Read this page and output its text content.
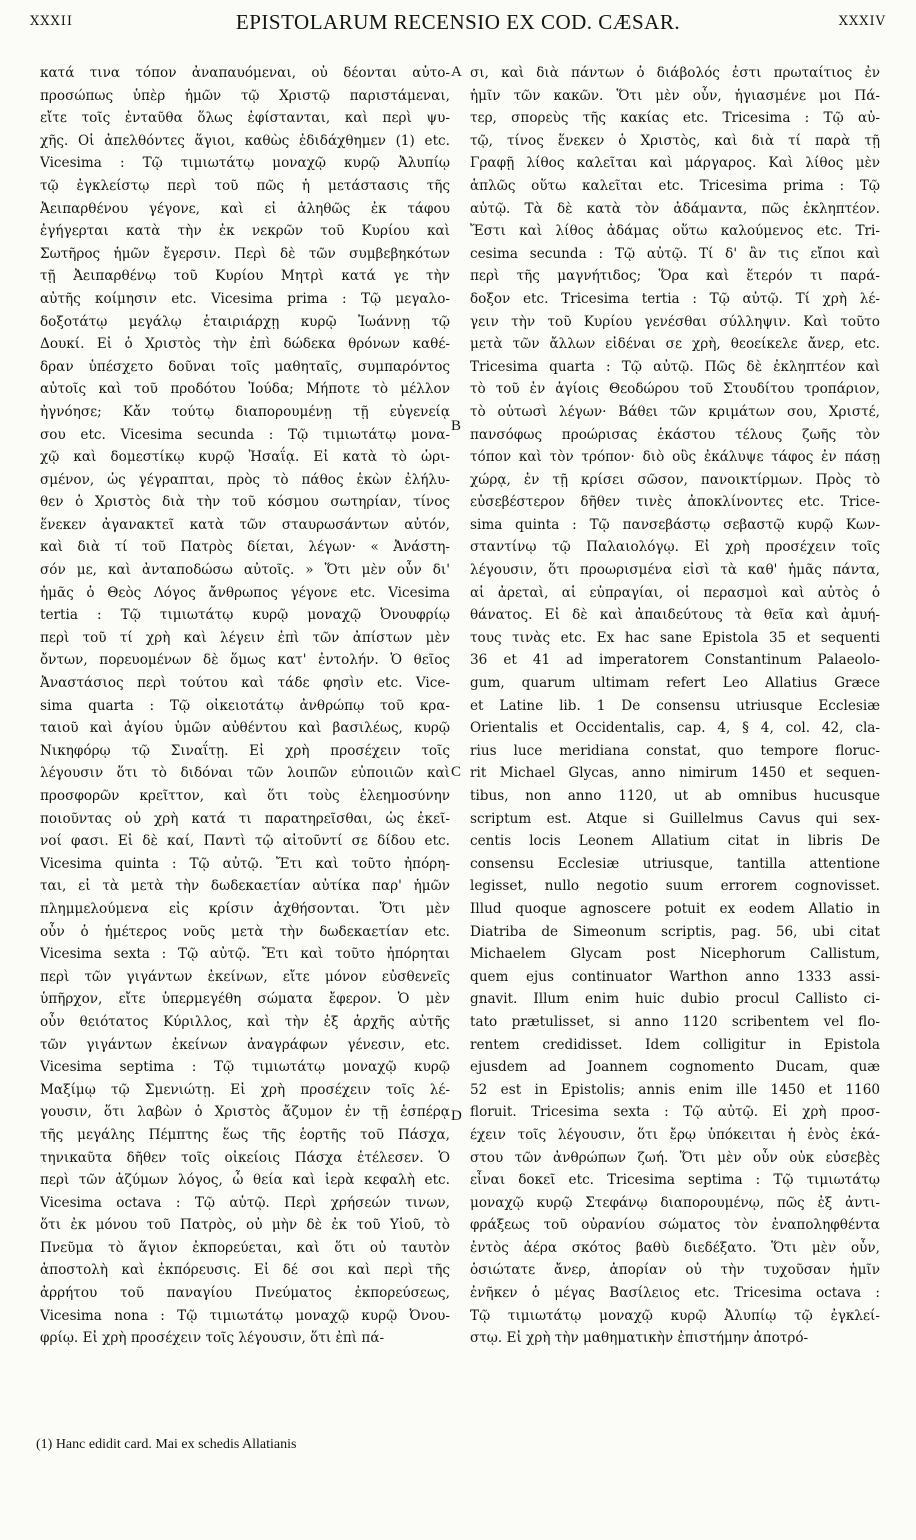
XXXII	EPISTOLARUM RECENSIO EX COD. CÆSAR.	XXXIV
κατά τινα τόπον ἀναπαυόμεναι, οὐ δέονται αὐτο-
προσώπως ὑπὲρ ἡμῶν τῷ Χριστῷ παριστάμεναι,
εἴτε τοῖς ἐνταῦθα ὅλως ἐφίστανται, καὶ περὶ ψυ-
χῆς. Οἱ ἀπελθόντες ἅγιοι, καθὼς ἐδιδάχθημεν (1) etc.
Vicesima : Τῷ τιμιωτάτῳ μοναχῷ κυρῷ Ἀλυπίῳ
τῷ ἐγκλείστῳ περὶ τοῦ πῶς ἡ μετάστασις τῆς
Ἀειπαρθένου γέγονε, καὶ εἰ ἀληθῶς ἐκ τάφου
ἐγήγερται κατὰ τὴν ἐκ νεκρῶν τοῦ Κυρίου καὶ
Σωτῆρος ἡμῶν ἔγερσιν. Περὶ δὲ τῶν συμβεβηκότων
τῇ Ἀειπαρθένῳ τοῦ Κυρίου Μητρὶ κατά γε τὴν
αὐτῆς κοίμησιν etc. Vicesima prima : Τῷ μεγαλο-
δοξοτάτῳ μεγάλῳ ἑταιριάρχῃ κυρῷ Ἰωάννῃ τῷ
Δουκί. Εἰ ὁ Χριστὸς τὴν ἐπὶ δώδεκα θρόνων καθέ-
δραν ὑπέσχετο δοῦναι τοῖς μαθηταῖς, συμπαρόντος
αὐτοῖς καὶ τοῦ προδότου Ἰούδα; Μήποτε τὸ μέλλον
ἠγνόησε; Κἄν τούτῳ διαπορουμένῃ τῇ εὐγενείᾳ
σου etc. Vicesima secunda : Τῷ τιμιωτάτῳ μονα-
χῷ καὶ δομεστίκῳ κυρῷ Ἠσαΐᾳ. Εἰ κατὰ τὸ ὡρι-
σμένον, ὡς γέγραπται, πρὸς τὸ πάθος ἑκὼν ἐλήλυ-
θεν ὁ Χριστὸς διὰ τὴν τοῦ κόσμου σωτηρίαν, τίνος
ἕνεκεν ἀγανακτεῖ κατὰ τῶν σταυρωσάντων αὐτόν,
καὶ διὰ τί τοῦ Πατρὸς δίεται, λέγων· « Ἀνάστη-
σόν με, καὶ ἀνταποδώσω αὐτοῖς. » Ὅτι μὲν οὖν δι'
ἡμᾶς ὁ Θεὸς Λόγος ἄνθρωπος γέγονε etc. Vicesima
tertia : Τῷ τιμιωτάτῳ κυρῷ μοναχῷ Ὀνουφρίῳ
περὶ τοῦ τί χρὴ καὶ λέγειν ἐπὶ τῶν ἀπίστων μὲν
ὄντων, πορευομένων δὲ ὅμως κατ' ἐντολήν. Ὁ θεῖος
Ἀναστάσιος περὶ τούτου καὶ τάδε φησὶν etc. Vice-
sima quarta : Τῷ οἰκειοτάτῳ ἀνθρώπῳ τοῦ κρα-
ταιοῦ καὶ ἁγίου ὑμῶν αὐθέντου καὶ βασιλέως, κυρῷ
Νικηφόρῳ τῷ Σιναΐτῃ. Εἰ χρὴ προσέχειν τοῖς
λέγουσιν ὅτι τὸ διδόναι τῶν λοιπῶν εὐποιιῶν καὶ
προσφορῶν κρεῖττον, καὶ ὅτι τοὺς ἐλεημοσύνην
ποιοῦντας οὐ χρὴ κατά τι παρατηρεῖσθαι, ὡς ἐκεῖ-
νοί φασι. Εἰ δὲ καί, Παντὶ τῷ αἰτοῦντί σε δίδου etc.
Vicesima quinta : Τῷ αὐτῷ. Ἔτι καὶ τοῦτο ἠπόρη-
ται, εἰ τὰ μετὰ τὴν δωδεκαετίαν αὐτίκα παρ' ἡμῶν
πλημμελούμενα εἰς κρίσιν ἀχθήσονται. Ὅτι μὲν
οὖν ὁ ἡμέτερος νοῦς μετὰ τὴν δωδεκαετίαν etc.
Vicesima sexta : Τῷ αὐτῷ. Ἔτι καὶ τοῦτο ἠπόρηται
περὶ τῶν γιγάντων ἐκείνων, εἴτε μόνον εὐσθενεῖς
ὑπῆρχον, εἴτε ὑπερμεγέθη σώματα ἔφερον. Ὁ μὲν
οὖν θειότατος Κύριλλος, καὶ τὴν ἐξ ἀρχῆς αὐτῆς
τῶν γιγάντων ἐκείνων ἀναγράφων γένεσιν, etc.
Vicesima septima : Τῷ τιμιωτάτῳ μοναχῷ κυρῷ
Μαξίμῳ τῷ Σμενιώτῃ. Εἰ χρὴ προσέχειν τοῖς λέ-
γουσιν, ὅτι λαβὼν ὁ Χριστὸς ἄζυμον ἐν τῇ ἑσπέρᾳ
τῆς μεγάλης Πέμπτης ἕως τῆς ἑορτῆς τοῦ Πάσχα,
τηνικαῦτα δῆθεν τοῖς οἰκείοις Πάσχα ἐτέλεσεν. Ὁ
περὶ τῶν ἀζύμων λόγος, ὦ θεία καὶ ἱερὰ κεφαλὴ etc.
Vicesima octava : Τῷ αὐτῷ. Περὶ χρήσεών τινων,
ὅτι ἐκ μόνου τοῦ Πατρὸς, οὐ μὴν δὲ ἐκ τοῦ Υἱοῦ, τὸ
Πνεῦμα τὸ ἅγιον ἐκπορεύεται, καὶ ὅτι οὐ ταυτὸν
ἀποστολὴ καὶ ἐκπόρευσις. Εἰ δέ σοι καὶ περὶ τῆς
ἀρρήτου τοῦ παναγίου Πνεύματος ἐκπορεύσεως,
Vicesima nona : Τῷ τιμιωτάτῳ μοναχῷ κυρῷ Ὀνου-
φρίῳ. Εἰ χρὴ προσέχειν τοῖς λέγουσιν, ὅτι ἐπὶ πά-
σι, καὶ διὰ πάντων ὁ διάβολός ἐστι πρωταίτιος ἐν
ἡμῖν τῶν κακῶν. Ὅτι μὲν οὖν, ἡγιασμένε μοι Πά-
τερ, σπορεὺς τῆς κακίας etc. Tricesima : Τῷ αὐ-
τῷ, τίνος ἕνεκεν ὁ Χριστὸς, καὶ διὰ τί παρὰ τῇ
Γραφῇ λίθος καλεῖται καὶ μάργαρος. Καὶ λίθος μὲν
ἁπλῶς οὕτω καλεῖται etc. Tricesima prima : Τῷ
αὐτῷ. Τὰ δὲ κατὰ τὸν ἀδάμαντα, πῶς ἐκληπτέον.
Ἔστι καὶ λίθος ἀδάμας οὕτω καλούμενος etc. Tri-
cesima secunda : Τῷ αὐτῷ. Τί δ' ἂν τις εἴποι καὶ
περὶ τῆς μαγνήτιδος; Ὅρα καὶ ἕτερόν τι παρά-
δοξον etc. Tricesima tertia : Τῷ αὐτῷ. Τί χρὴ λέ-
γειν τὴν τοῦ Κυρίου γενέσθαι σύλληψιν. Καὶ τοῦτο
μετὰ τῶν ἄλλων εἰδέναι σε χρὴ, θεοείκελε ἄνερ, etc.
Tricesima quarta : Τῷ αὐτῷ. Πῶς δὲ ἐκληπτέον καὶ
τὸ τοῦ ἐν ἁγίοις Θεοδώρου τοῦ Στουδίτου τροπάριον,
τὸ οὑτωσὶ λέγων· Βάθει τῶν κριμάτων σου, Χριστέ,
πανσόφως προώρισας ἑκάστου τέλους ζωῆς τὸν
τόπον καὶ τὸν τρόπον· διὸ οὓς ἐκάλυψε τάφος ἐν πάσῃ
χώρᾳ, ἐν τῇ κρίσει σῶσον, πανοικτίρμων. Πρὸς τὸ
εὐσεβέστερον δῆθεν τινὲς ἀποκλίνοντες etc. Trice-
sima quinta : Τῷ πανσεβάστῳ σεβαστῷ κυρῷ Κων-
σταντίνῳ τῷ Παλαιολόγῳ. Εἰ χρὴ προσέχειν τοῖς
λέγουσιν, ὅτι προωρισμένα εἰσὶ τὰ καθ' ἡμᾶς πάντα,
αἱ ἀρεταὶ, αἱ εὐπραγίαι, οἱ περασμοὶ καὶ αὐτὸς ὁ
θάνατος. Εἰ δὲ καὶ ἀπαιδεύτους τὰ θεῖα καὶ ἀμυή-
τους τινὰς etc. Ex hac sane Epistola 35 et sequenti
36 et 41 ad imperatorem Constantinum Palaeolo-
gum, quarum ultimam refert Leo Allatius Græce
et Latine lib. 1 De consensu utriusque Ecclesiæ
Orientalis et Occidentalis, cap. 4, § 4, col. 42, cla-
rius luce meridiana constat, quo tempore floruc-
rit Michael Glycas, anno nimirum 1450 et sequen-
tibus, non anno 1120, ut ab omnibus hucusque
scriptum est. Atque si Guillelmus Cavus qui sex-
centis locis Leonem Allatium citat in libris De
consensu Ecclesiæ utriusque, tantilla attentione
legisset, nullo negotio suum errorem cognovisset.
Illud quoque agnoscere potuit ex eodem Allatio in
Diatriba de Simeonum scriptis, pag. 56, ubi citat
Michaelem Glycam post Nicephorum Callistum,
quem ejus continuator Warthon anno 1333 assi-
gnavit. Illum enim huic dubio procul Callisto ci-
tato prætulisset, si anno 1120 scribentem vel flo-
rentem credidisset. Idem colligitur in Epistola
ejusdem ad Joannem cognomento Ducam, quæ
52 est in Epistolis; annis enim ille 1450 et 1160
floruit. Tricesima sexta : Τῷ αὐτῷ. Εἰ χρὴ προσ-
έχειν τοῖς λέγουσιν, ὅτι ἔρῳ ὑπόκειται ἡ ἑνὸς ἑκά-
στου τῶν ἀνθρώπων ζωή. Ὅτι μὲν οὖν οὐκ εὐσεβὲς
εἶναι δοκεῖ etc. Tricesima septima : Τῷ τιμιωτάτῳ
μοναχῷ κυρῷ Στεφάνῳ διαπορουμένῳ, πῶς ἐξ ἀντι-
φράξεως τοῦ οὐρανίου σώματος τὸν ἐναποληφθέντα
ἐντὸς ἀέρα σκότος βαθὺ διεδέξατο. Ὅτι μὲν οὖν,
ὁσιώτατε ἄνερ, ἀπορίαν οὐ τὴν τυχοῦσαν ἡμῖν
ἐνῆκεν ὁ μέγας Βασίλειος etc. Tricesima octava :
Τῷ τιμιωτάτῳ μοναχῷ κυρῷ Ἀλυπίῳ τῷ ἐγκλεί-
στῳ. Εἰ χρὴ τὴν μαθηματικὴν ἐπιστήμην ἀποτρό-
A
B
C
D
(1) Hanc edidit card. Mai ex schedis Allatianis
